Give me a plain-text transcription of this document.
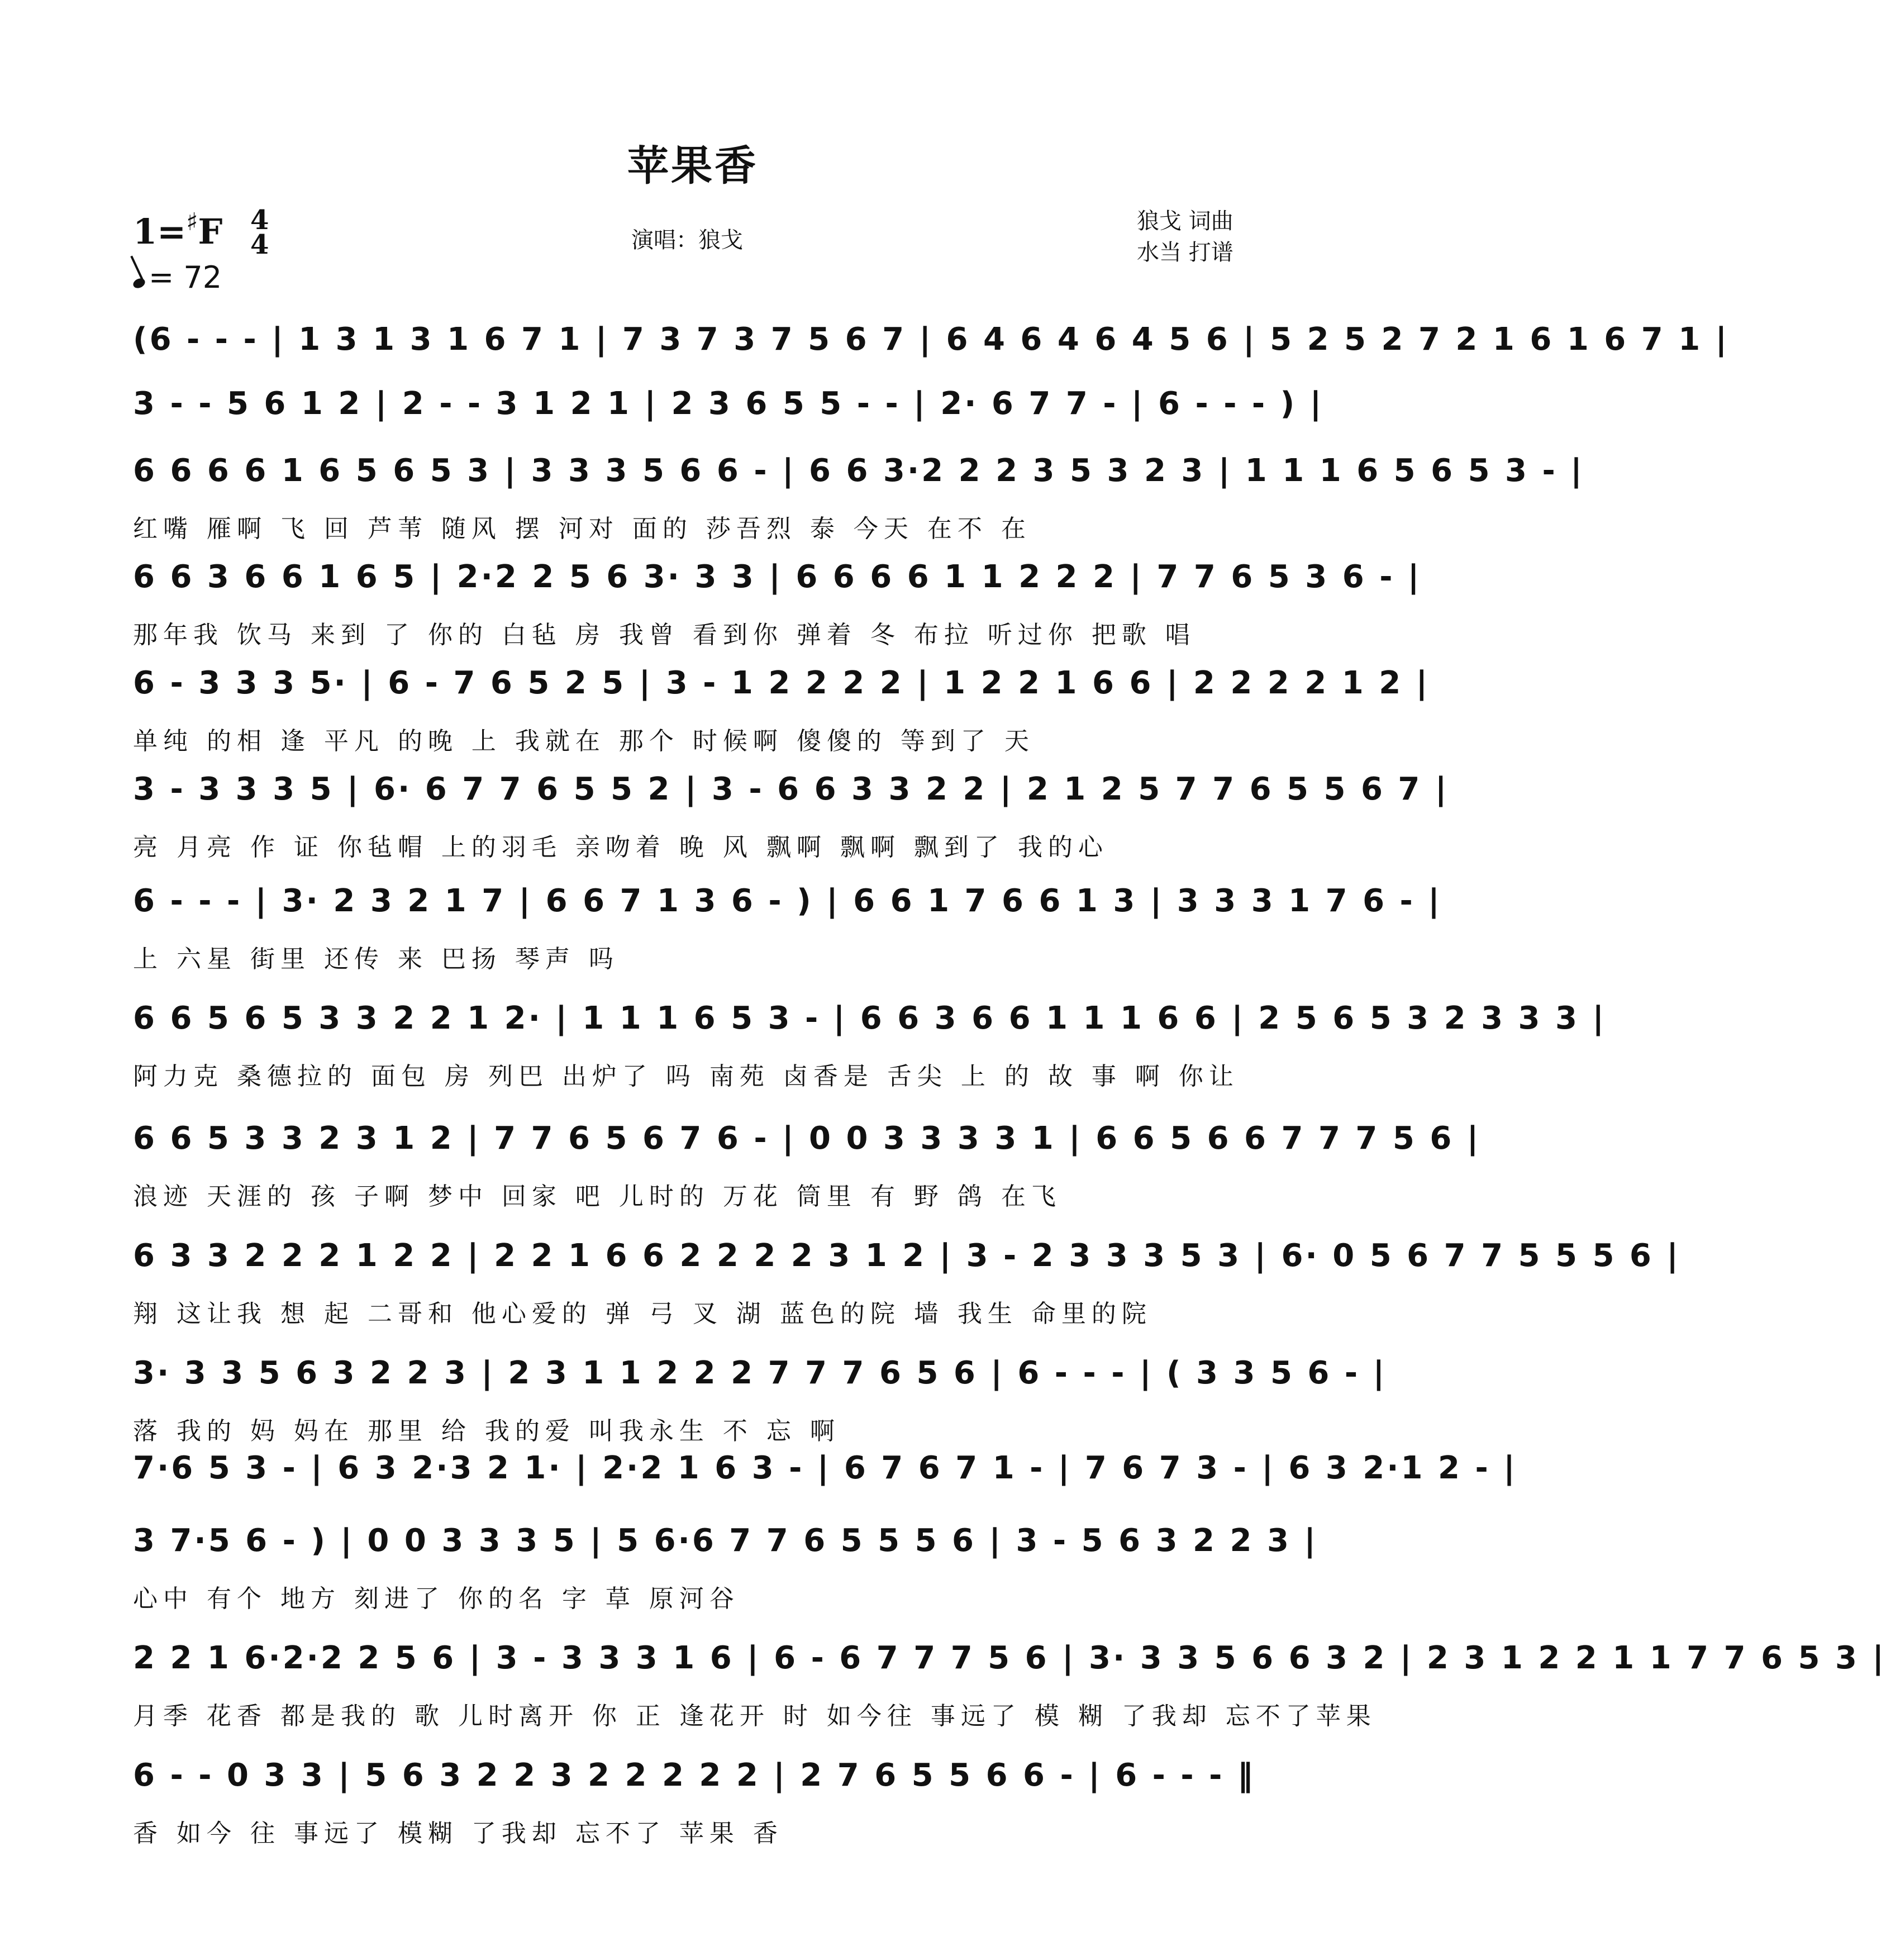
苹果香
1=♯F 4
4
= 72
演唱：狼戈
狼戈 词曲
水当 打谱
(6 - - - | 1 3 1 3 1 6 7 1 | 7 3 7 3 7 5 6 7 | 6 4 6 4 6 4 5 6 | 5 2 5 2 7 2 1 6 1 6 7 1 |
3 - - 5 6 1 2 | 2 - - 3 1 2 1 | 2 3 6 5 5 - - | 2· 6 7 7 - | 6 - - - ) |
6 6 6 6 1 6 5 6 5 3 | 3 3 3 5 6 6 - | 6 6 3·2 2 2 3 5 3 2 3 | 1 1 1 6 5 6 5 3 - |
红嘴 雁啊 飞 回 芦苇 随风 摆 河对 面的 莎吾烈 泰 今天 在不 在
6 6 3 6 6 1 6 5 | 2·2 2 5 6 3· 3 3 | 6 6 6 6 1 1 2 2 2 | 7 7 6 5 3 6 - |
那年我 饮马 来到 了 你的 白毡 房 我曾 看到你 弹着 冬 布拉 听过你 把歌 唱
6 - 3 3 3 5· | 6 - 7 6 5 2 5 | 3 - 1 2 2 2 2 | 1 2 2 1 6 6 | 2 2 2 2 1 2 |
单纯 的相 逢 平凡 的晚 上 我就在 那个 时候啊 傻傻的 等到了 天
3 - 3 3 3 5 | 6· 6 7 7 6 5 5 2 | 3 - 6 6 3 3 2 2 | 2 1 2 5 7 7 6 5 5 6 7 |
亮 月亮 作 证 你毡帽 上的羽毛 亲吻着 晚 风 飘啊 飘啊 飘到了 我的心
6 - - - | 3· 2 3 2 1 7 | 6 6 7 1 3 6 - ) | 6 6 1 7 6 6 1 3 | 3 3 3 1 7 6 - |
上 六星 街里 还传 来 巴扬 琴声 吗
6 6 5 6 5 3 3 2 2 1 2· | 1 1 1 6 5 3 - | 6 6 3 6 6 1 1 1 6 6 | 2 5 6 5 3 2 3 3 3 |
阿力克 桑德拉的 面包 房 列巴 出炉了 吗 南苑 卤香是 舌尖 上 的 故 事 啊 你让
6 6 5 3 3 2 3 1 2 | 7 7 6 5 6 7 6 - | 0 0 3 3 3 3 1 | 6 6 5 6 6 7 7 7 5 6 |
浪迹 天涯的 孩 子啊 梦中 回家 吧 儿时的 万花 筒里 有 野 鸽 在飞
6 3 3 2 2 2 1 2 2 | 2 2 1 6 6 2 2 2 2 3 1 2 | 3 - 2 3 3 3 5 3 | 6· 0 5 6 7 7 5 5 5 6 |
翔 这让我 想 起 二哥和 他心爱的 弹 弓 叉 湖 蓝色的院 墙 我生 命里的院
3· 3 3 5 6 3 2 2 3 | 2 3 1 1 2 2 2 7 7 7 6 5 6 | 6 - - - | ( 3 3 5 6 - |
落 我的 妈 妈在 那里 给 我的爱 叫我永生 不 忘 啊
7·6 5 3 - | 6 3 2·3 2 1· | 2·2 1 6 3 - | 6 7 6 7 1 - | 7 6 7 3 - | 6 3 2·1 2 - |
3 7·5 6 - ) | 0 0 3 3 3 5 | 5 6·6 7 7 6 5 5 5 6 | 3 - 5 6 3 2 2 3 |
心中 有个 地方 刻进了 你的名 字 草 原河谷
2 2 1 6·2·2 2 5 6 | 3 - 3 3 3 1 6 | 6 - 6 7 7 7 5 6 | 3· 3 3 5 6 6 3 2 | 2 3 1 2 2 1 1 7 7 6 5 3 |
月季 花香 都是我的 歌 儿时离开 你 正 逢花开 时 如今往 事远了 模 糊 了我却 忘不了苹果
6 - - 0 3 3 | 5 6 3 2 2 3 2 2 2 2 2 | 2 7 6 5 5 6 6 - | 6 - - - ‖
香 如今 往 事远了 模糊 了我却 忘不了 苹果 香
